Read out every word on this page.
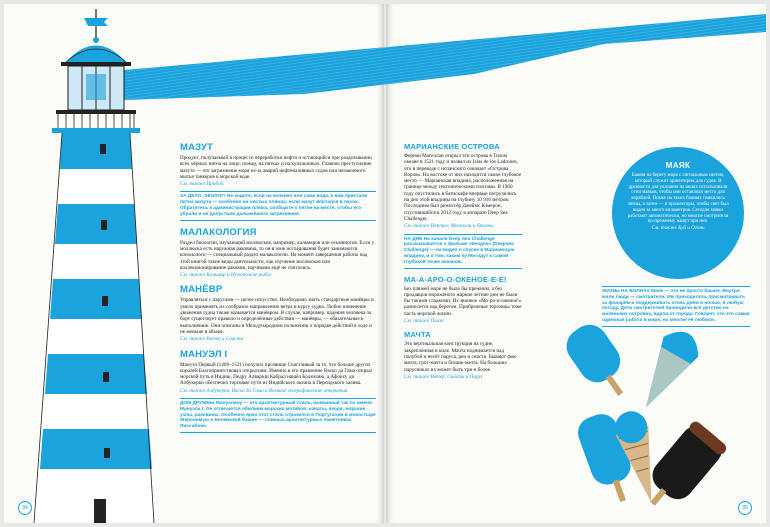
34
МАЗУТ
Продукт, получаемый в процессе переработки нефти и остающийся при разделывании всех чёрных пятна на лицо: пожар, на пятках и на купальниках. Главное преступление мазута — это загрязнение моря из-за аварий нефтеналивных судов или незаконного мытья танкеров в морской воде.
См. также Прибой
ЗА ДЕЛО, ЭКОЛОГ! Не ходите, если на коленях или сама вода, к вам пристали пятна мазута — особенно на чистых пляжах, если мазут впитался в песок. Обратитесь к администрации пляжа, сообщите о пятне на месте, чтобы его убрали и не допустили дальнейшего загрязнения.
МАЛАКОЛОГИЯ
Раздел биологии, изучающий моллюсков, например, кальмаров или осьминогов. Если у моллюска есть наружная раковина, то он в зоне исследования будет занимаются конхиологи — специальный раздел малакологии. На момент завершения работы над этой книгой такие виды деятельности, как изучение моллюсков или коллекционирование раковин, научными ещё не считались.
См. также Кальмар и Неуклюжие рыбы
МАНЁВР
Управляться с парусами — целое искусство. Необходимо знать стандартные манёвры и умело применять их сообразно направлению ветра и курсу судна. Любое изменение движения судна также называется манёвром. В случае, например, падения человека за борт существует правило и определённые действия — манёвры, — обязательные к выполнению. Они описаны в Международном положении о порядке действий в ходе и не меньше в абзаце.
См. также Ветер и Снасти
МАНУЭЛ I
Мануэл Первый (1469–1521) получил прозвище Счастливый за то, что больше других королей Благоприятствовал открытиям. Именно в его правление Васко да Гама открыл морской путь в Индию, Педру Алвариш Кабрал нашёл Бразилию, а Афонсу ди Албукерки обеспечил торговые пути из Индийского океана в Персидского залива.
См. также Албукерки, Васко да Гама и Великие географические открытия
ДОМ ДРУЖБЫ Мануэлину — это архитектурный стиль, названный так по имени Мануэла I. Он отличается обилием морских мотивов: канаты, якоря, морские узлы, раковины. Особенно ярко этот стиль отразился в Португалии в монастыре Жеронимуш и Белемской башне — главных архитектурных памятниках Лиссабона.
35
МАРИАНСКИЕ ОСТРОВА
Фернан Магеллан открыл эти острова в Тихом океане в 1521 году и назвал их Islas de los Ladrones, что в переводе с испанского означает «Острова Воров». На востоке от них находится самое глубокое место — Марианская впадина, расположенная на границе между тектоническими плитами. В 1960 году опустились в батискафе впервые погрузились на дно этой впадины на глубину 10 916 метров. Последним был режиссёр Джеймс Кэмерон, спустившийся в 2012 году в аппарате Deep Sea Challenger.
См. также Нептун; Магеллан и Океаны
НА ДНЕ На канале Deep Sea Challenge рассказывается о фильме «Бездна» (Deepsea Challenge) — на видео о спуске в Марианскую впадину, и о том, каким путём идут к самой глубокой точке океанов.
МА-А-АРО-О-ОКЕНОЕ-Е-Е!
Без пляжей море не было бы прежним, а без продавцов мороженого жаркие летние дни не были бы такими сладкими. Их звонкое «Мо-ро-о-оженое!» разносится над берегом. Прибрежные торговцы тоже часть морской жизни.
См. также Пляж
МАЧТА
Это вертикальная конструкция на судне, закреплённая в киле. Мачта поднимается над палубой и несёт паруса, реи и снасти. Бывают фок-мачта, грот-мачта и бизань-мачта. На больших парусниках их может быть три и более.
См. также Ветер, Снасти и Парус
ЖИЗНЬ НА ВОЛНАХ Маяк — это не просто башня. Внутри жили люди — смотрители. Им приходилось присматривать за фонарём и поддерживать огонь днём и ночью, в любую погоду. Дети смотрителей проводили всё детство на маленьких островах, вдали от города. Говорят, что это самая одинокая работа в мире, но многие её любили.
МАЯК
Башня на берегу моря с сигнальным светом, который служит ориентиром для судов. В древности для указания на мелях использовали огни маяков, чтобы они оставляли место для кораблей. Позже на таких башнях появились линзы, а затем — и прожекторы, чтобы свет был виден за много километров. Сегодня маяки работают автоматически, но многие смотрители по-прежнему живут при них.
См. также Буй и Огонь
